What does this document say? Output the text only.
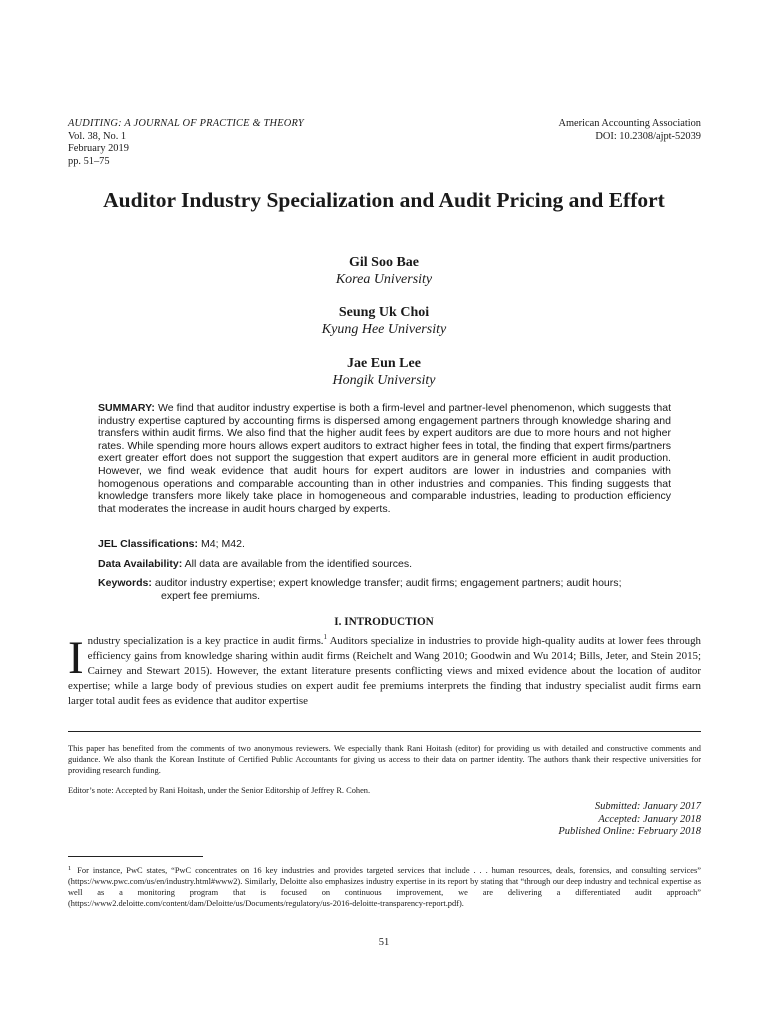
AUDITING: A JOURNAL OF PRACTICE & THEORY
Vol. 38, No. 1
February 2019
pp. 51–75
American Accounting Association
DOI: 10.2308/ajpt-52039
Auditor Industry Specialization and Audit Pricing and Effort
Gil Soo Bae
Korea University
Seung Uk Choi
Kyung Hee University
Jae Eun Lee
Hongik University
SUMMARY: We find that auditor industry expertise is both a firm-level and partner-level phenomenon, which suggests that industry expertise captured by accounting firms is dispersed among engagement partners through knowledge sharing and transfers within audit firms. We also find that the higher audit fees by expert auditors are due to more hours and not higher rates. While spending more hours allows expert auditors to extract higher fees in total, the finding that expert firms/partners exert greater effort does not support the suggestion that expert auditors are in general more efficient in audit production. However, we find weak evidence that audit hours for expert auditors are lower in industries and companies with homogenous operations and comparable accounting than in other industries and companies. This finding suggests that knowledge transfers more likely take place in homogeneous and comparable industries, leading to production efficiency that moderates the increase in audit hours charged by experts.
JEL Classifications: M4; M42.
Data Availability: All data are available from the identified sources.
Keywords: auditor industry expertise; expert knowledge transfer; audit firms; engagement partners; audit hours;
expert fee premiums.
I. INTRODUCTION
Industry specialization is a key practice in audit firms.$^1$ Auditors specialize in industries to provide high-quality audits at lower fees through efficiency gains from knowledge sharing within audit firms (Reichelt and Wang 2010; Goodwin and Wu 2014; Bills, Jeter, and Stein 2015; Cairney and Stewart 2015). However, the extant literature presents conflicting views and mixed evidence about the location of auditor expertise; while a large body of previous studies on expert audit fee premiums interprets the finding that industry specialist audit firms earn larger total audit fees as evidence that auditor expertise
This paper has benefited from the comments of two anonymous reviewers. We especially thank Rani Hoitash (editor) for providing us with detailed and constructive comments and guidance. We also thank the Korean Institute of Certified Public Accountants for giving us access to their data on partner identity. The authors thank their respective universities for providing research funding.
Editor’s note: Accepted by Rani Hoitash, under the Senior Editorship of Jeffrey R. Cohen.
Submitted: January 2017
Accepted: January 2018
Published Online: February 2018
$^1$ For instance, PwC states, “PwC concentrates on 16 key industries and provides targeted services that include . . . human resources, deals, forensics, and consulting services” (https://www.pwc.com/us/en/industry.html#www2). Similarly, Deloitte also emphasizes industry expertise in its report by stating that “through our deep industry and technical expertise as well as a monitoring program that is focused on continuous improvement, we are delivering a differentiated audit approach” (https://www2.deloitte.com/content/dam/Deloitte/us/Documents/regulatory/us-2016-deloitte-transparency-report.pdf).
51
